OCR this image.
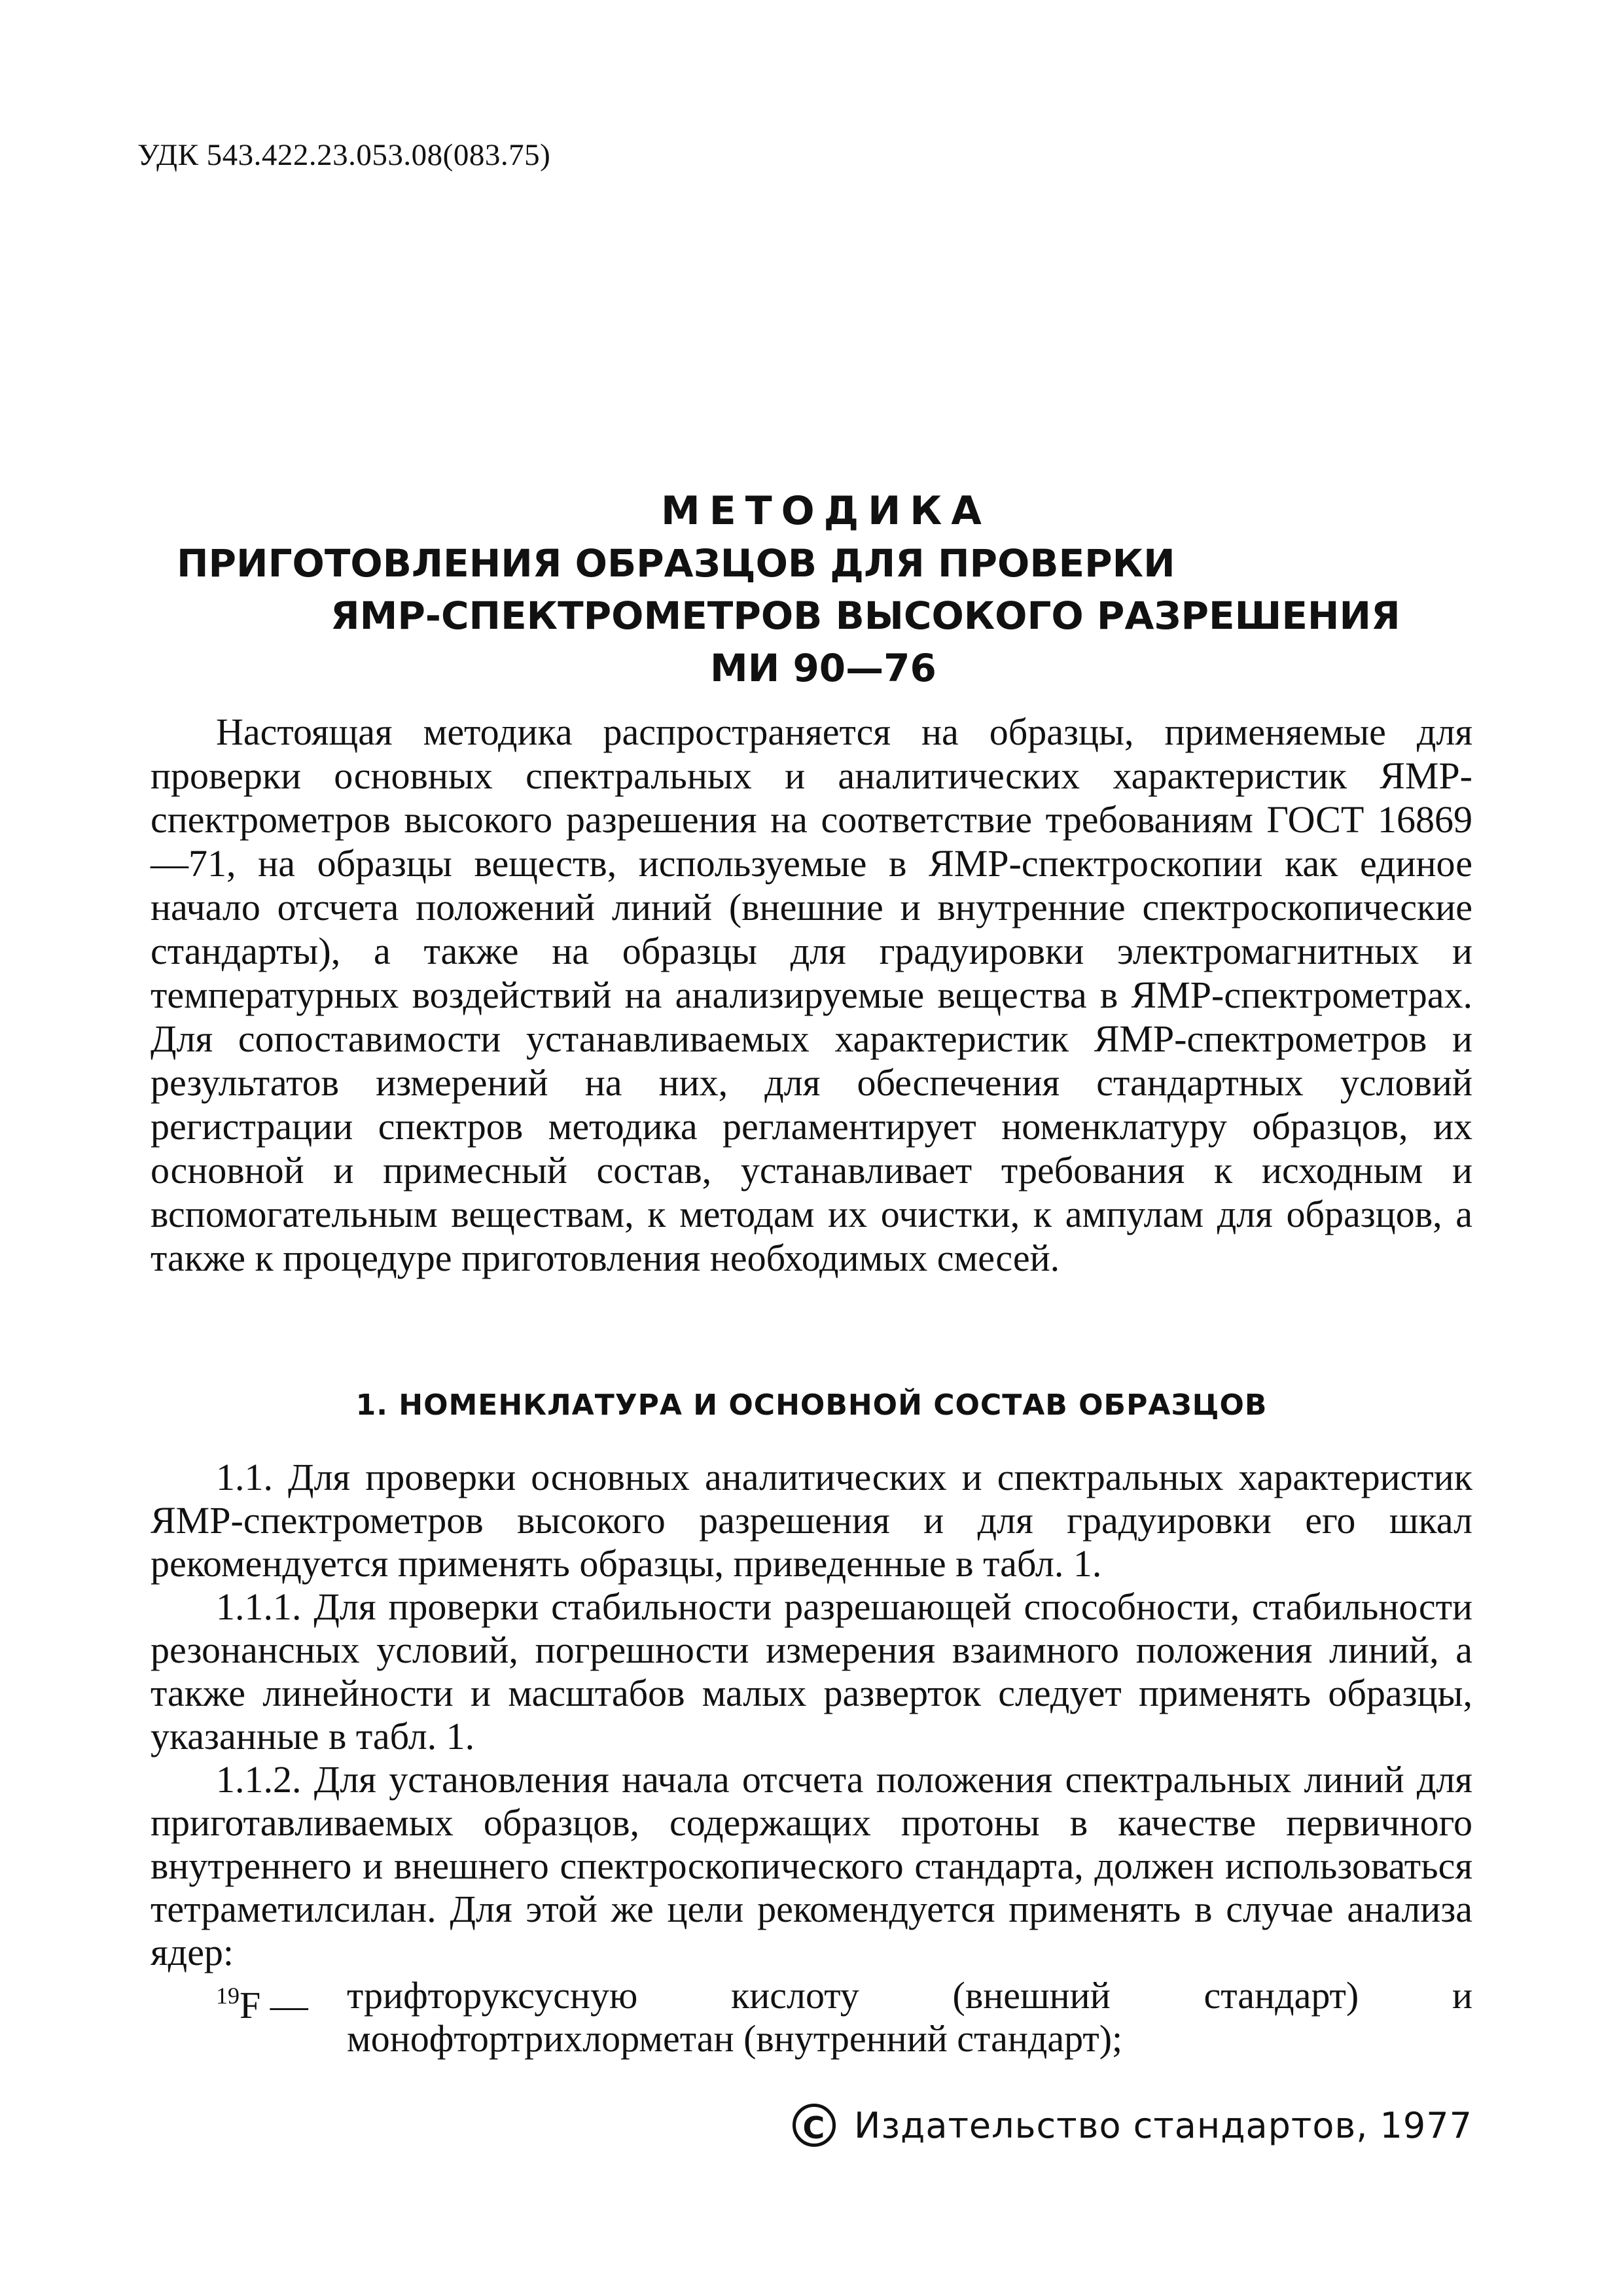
УДК 543.422.23.053.08(083.75)
МЕТОДИКА
ПРИГОТОВЛЕНИЯ ОБРАЗЦОВ ДЛЯ ПРОВЕРКИ
ЯМР-СПЕКТРОМЕТРОВ ВЫСОКОГО РАЗРЕШЕНИЯ
МИ 90—76

Настоящая методика распространяется на образцы, применяемые для проверки основных спектральных и аналитических характеристик ЯМР-спектрометров высокого разрешения на соответствие требованиям ГОСТ 16869—71, на образцы веществ, используемые в ЯМР-спектроскопии как единое начало отсчета положений линий (внешние и внутренние спектроскопические стандарты), а также на образцы для градуировки электромагнитных и температурных воздействий на анализируемые вещества в ЯМР-спектрометрах. Для сопоставимости устанавливаемых характеристик ЯМР-спектрометров и результатов измерений на них, для обеспечения стандартных условий регистрации спектров методика регламентирует номенклатуру образцов, их основной и примесный состав, устанавливает требования к исходным и вспомогательным веществам, к методам их очистки, к ампулам для образцов, а также к процедуре приготовления необходимых смесей.

1. НОМЕНКЛАТУРА И ОСНОВНОЙ СОСТАВ ОБРАЗЦОВ

1.1. Для проверки основных аналитических и спектральных характеристик ЯМР-спектрометров высокого разрешения и для градуировки его шкал рекомендуется применять образцы, приведенные в табл. 1.

1.1.1. Для проверки стабильности разрешающей способности, стабильности резонансных условий, погрешности измерения взаимного положения линий, а также линейности и масштабов малых разверток следует применять образцы, указанные в табл. 1.

1.1.2. Для установления начала отсчета положения спектральных линий для приготавливаемых образцов, содержащих протоны в качестве первичного внутреннего и внешнего спектроскопического стандарта, должен использоваться тетраметилсилан. Для этой же цели рекомендуется применять в случае анализа ядер:

$^{19}$F — трифторуксусную кислоту (внешний стандарт) и монофтортрихлорметан (внутренний стандарт);

C Издательство стандартов, 1977
